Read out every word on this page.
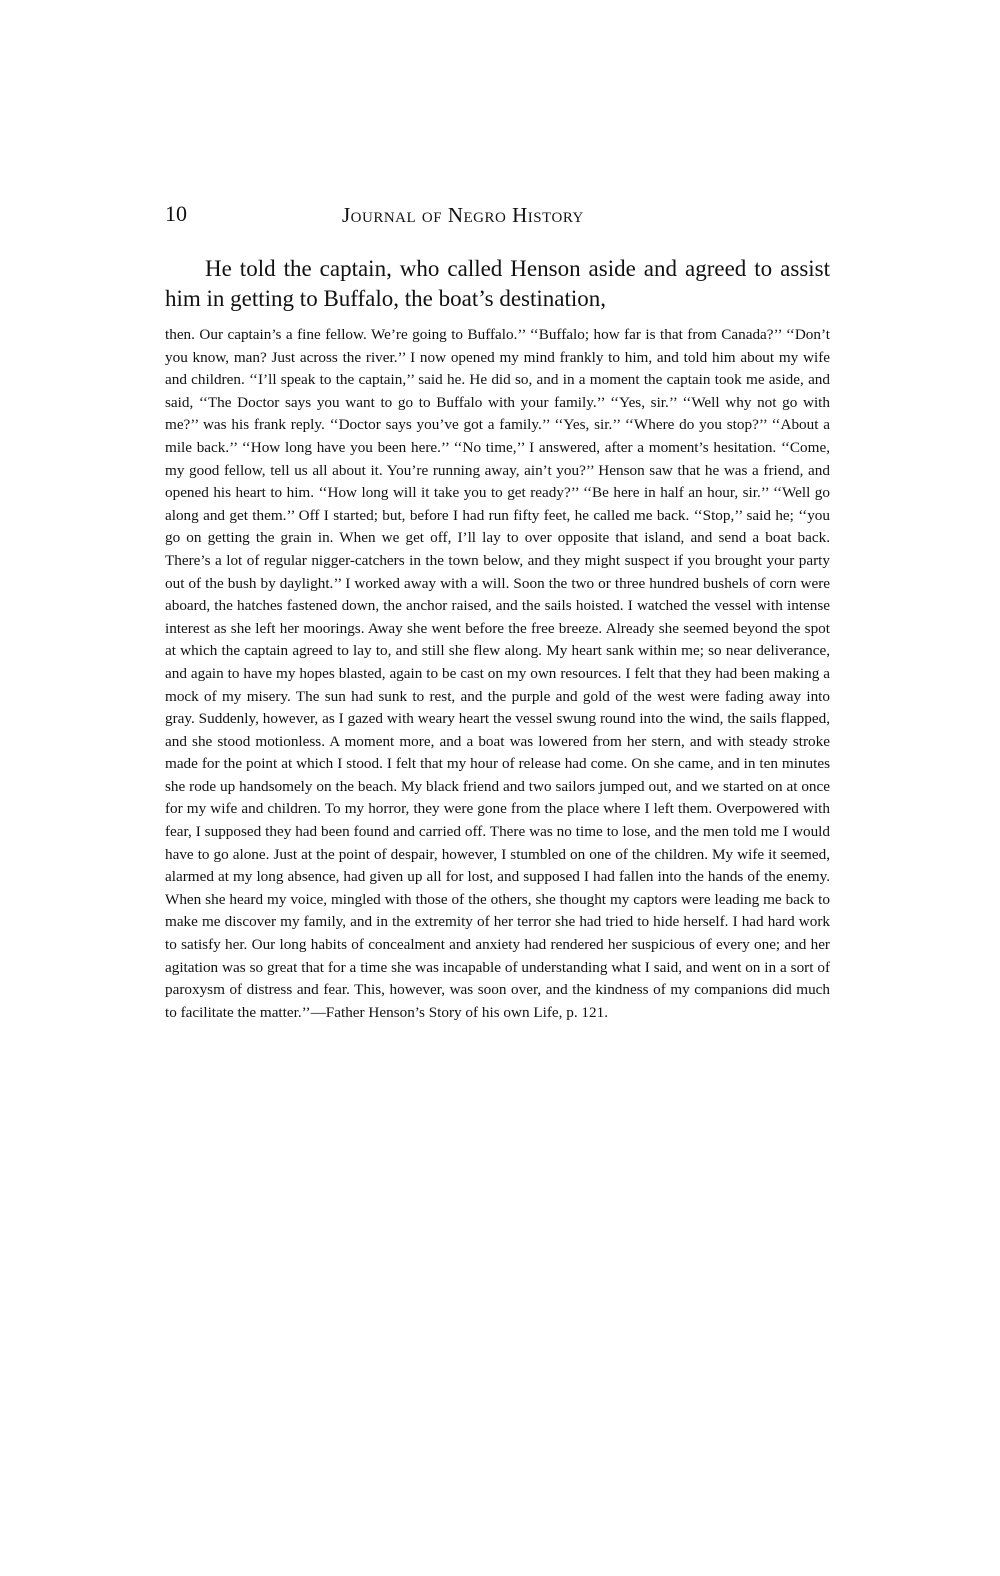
10	Journal of Negro History

He told the captain, who called Henson aside and agreed to assist him in getting to Buffalo, the boat’s destination,

then. Our captain’s a fine fellow. We’re going to Buffalo.’’ ‘‘Buffalo; how far is that from Canada?’’ ‘‘Don’t you know, man? Just across the river.’’ I now opened my mind frankly to him, and told him about my wife and children. ‘‘I’ll speak to the captain,’’ said he. He did so, and in a moment the captain took me aside, and said, ‘‘The Doctor says you want to go to Buffalo with your family.’’ ‘‘Yes, sir.’’ ‘‘Well why not go with me?’’ was his frank reply. ‘‘Doctor says you’ve got a family.’’ ‘‘Yes, sir.’’ ‘‘Where do you stop?’’ ‘‘About a mile back.’’ ‘‘How long have you been here.’’ ‘‘No time,’’ I answered, after a moment’s hesitation. ‘‘Come, my good fellow, tell us all about it. You’re running away, ain’t you?’’ Henson saw that he was a friend, and opened his heart to him. ‘‘How long will it take you to get ready?’’ ‘‘Be here in half an hour, sir.’’ ‘‘Well go along and get them.’’ Off I started; but, before I had run fifty feet, he called me back. ‘‘Stop,’’ said he; ‘‘you go on getting the grain in. When we get off, I’ll lay to over opposite that island, and send a boat back. There’s a lot of regular nigger-catchers in the town below, and they might suspect if you brought your party out of the bush by daylight.’’ I worked away with a will. Soon the two or three hundred bushels of corn were aboard, the hatches fastened down, the anchor raised, and the sails hoisted. I watched the vessel with intense interest as she left her moorings. Away she went before the free breeze. Already she seemed beyond the spot at which the captain agreed to lay to, and still she flew along. My heart sank within me; so near deliverance, and again to have my hopes blasted, again to be cast on my own resources. I felt that they had been making a mock of my misery. The sun had sunk to rest, and the purple and gold of the west were fading away into gray. Suddenly, however, as I gazed with weary heart the vessel swung round into the wind, the sails flapped, and she stood motionless. A moment more, and a boat was lowered from her stern, and with steady stroke made for the point at which I stood. I felt that my hour of release had come. On she came, and in ten minutes she rode up handsomely on the beach. My black friend and two sailors jumped out, and we started on at once for my wife and children. To my horror, they were gone from the place where I left them. Overpowered with fear, I supposed they had been found and carried off. There was no time to lose, and the men told me I would have to go alone. Just at the point of despair, however, I stumbled on one of the children. My wife it seemed, alarmed at my long absence, had given up all for lost, and supposed I had fallen into the hands of the enemy. When she heard my voice, mingled with those of the others, she thought my captors were leading me back to make me discover my family, and in the extremity of her terror she had tried to hide herself. I had hard work to satisfy her. Our long habits of concealment and anxiety had rendered her suspicious of every one; and her agitation was so great that for a time she was incapable of understanding what I said, and went on in a sort of paroxysm of distress and fear. This, however, was soon over, and the kindness of my companions did much to facilitate the matter.’’—Father Henson’s Story of his own Life, p. 121.
